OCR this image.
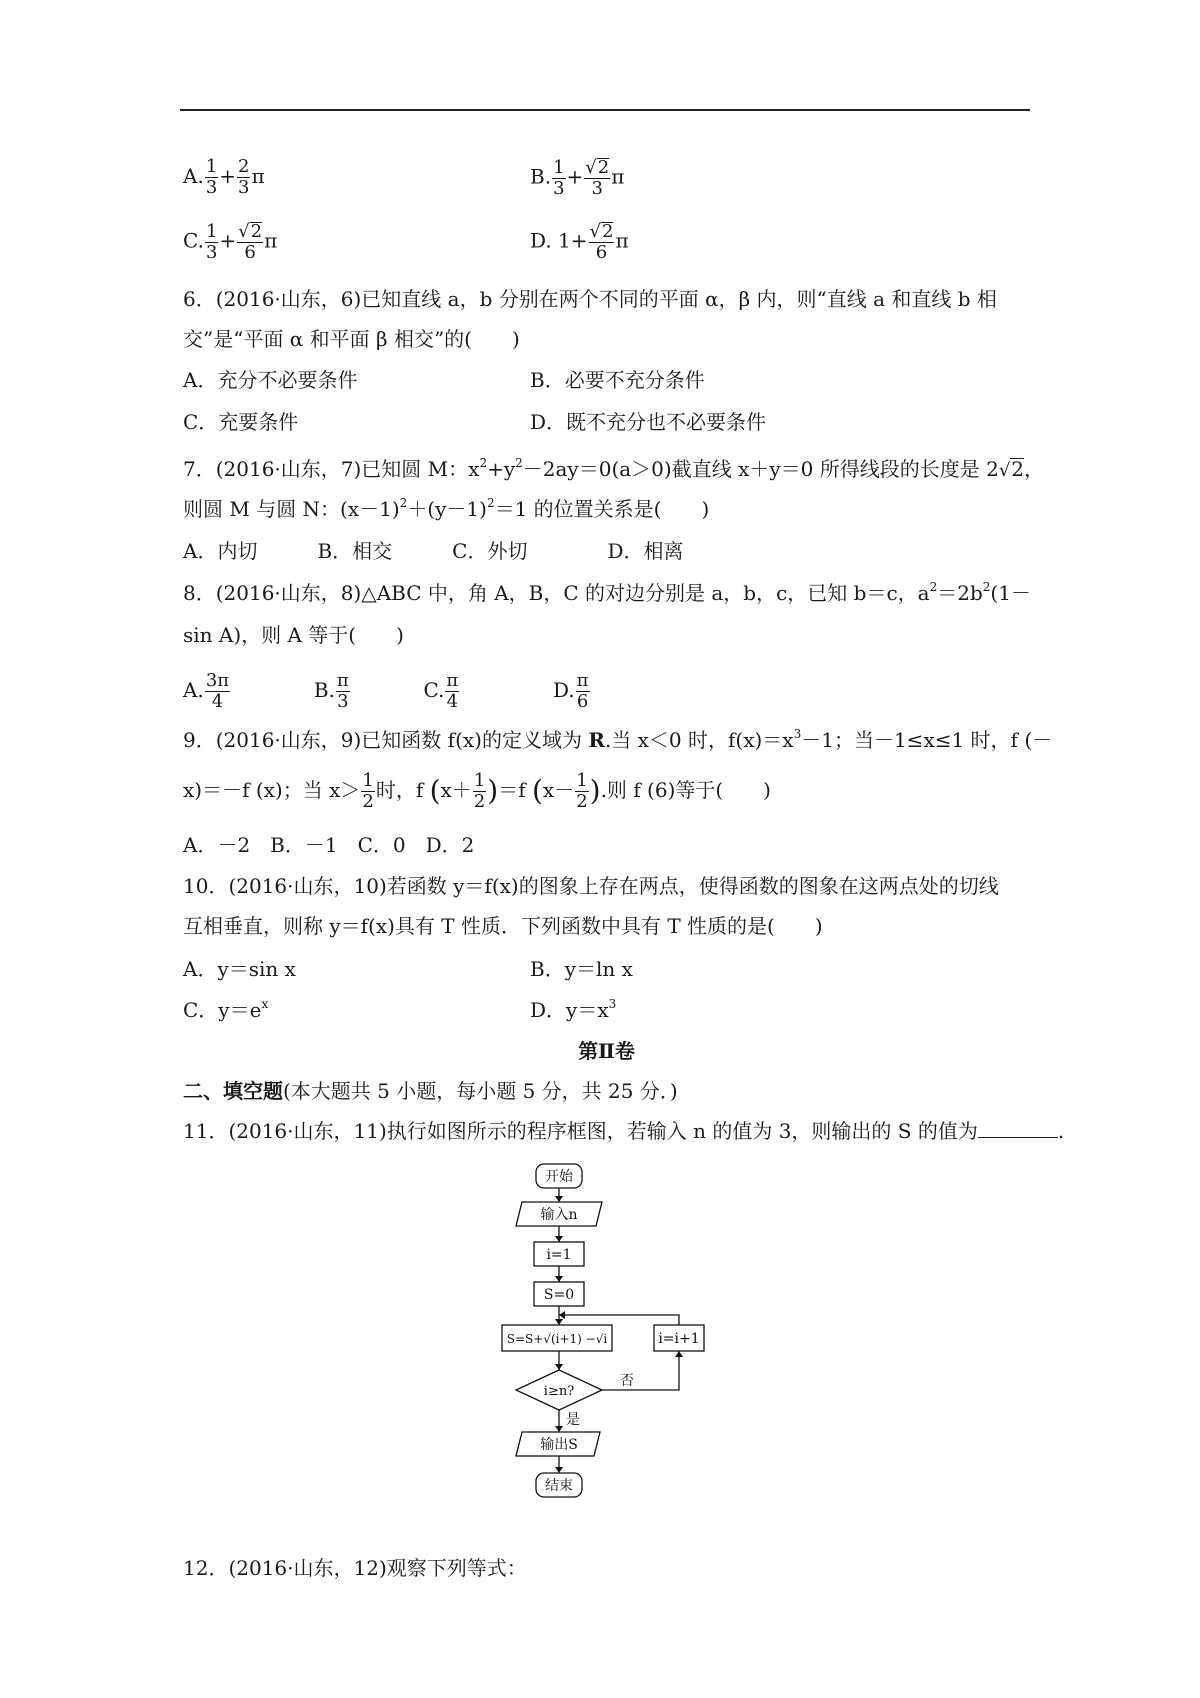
A. $\frac{1}{3} + \frac{2}{3}$ π	B. $\frac{1}{3} + \frac{√2}{3}$ π
C. $\frac{1}{3} + \frac{√2}{6}$ π	D. $1+ \frac{√2}{6}$ π
6．(2016·山东，6)已知直线 a，b 分别在两个不同的平面 α，β 内，则“直线 a 和直线 b 相
交”是“平面 α 和平面 β 相交”的(　　)
A．充分不必要条件	B．必要不充分条件
C．充要条件	D．既不充分也不必要条件
7．(2016·山东，7)已知圆 M：$x^2+y^2-2ay=0(a>0)$截直线 x＋y＝0 所得线段的长度是 2√2，
则圆 M 与圆 N：$(x-1)^2+(y-1)^2=1$ 的位置关系是(　　)
A．内切　　　B．相交　　　C．外切　　　　D．相离
8．(2016·山东，8)△ABC 中，角 A，B，C 的对边分别是 a，b，c，已知 b＝c，$a^2=2b^2(1-$
sin A)，则 A 等于(　　)
A. $\frac{3\pi}{4}$	B. $\frac{\pi}{3}$	C. $\frac{\pi}{4}$	D. $\frac{\pi}{6}$
9．(2016·山东，9)已知函数 f(x)的定义域为 R.当 x＜0 时，$f(x)=x^3-1$；当－1≤x≤1 时，f (－
x)＝－f (x)；当 $x> \frac{1}{2}$ 时，f $(x+ \frac{1}{2} )=f$ ($x- \frac{1}{2}$ ).则 f (6)等于(　　)
A．－2　B．－1　C．0　D．2
10．(2016·山东，10)若函数 y＝f(x)的图象上存在两点，使得函数的图象在这两点处的切线
互相垂直，则称 y＝f(x)具有 T 性质．下列函数中具有 T 性质的是(　　)
A．y＝sin x	B．y＝ln x
C．$y=e^x$	D．$y=x^3$
第Ⅱ卷
二、填空题(本大题共 5 小题，每小题 5 分，共 25 分．)
11．(2016·山东，11)执行如图所示的程序框图，若输入 n 的值为 3，则输出的 S 的值为	.
开始
输入n
i=1
S=0
S=S+√(i+1) −√i	i=i+1
i≥n?
否
是
输出S
结束
12．(2016·山东，12)观察下列等式：
